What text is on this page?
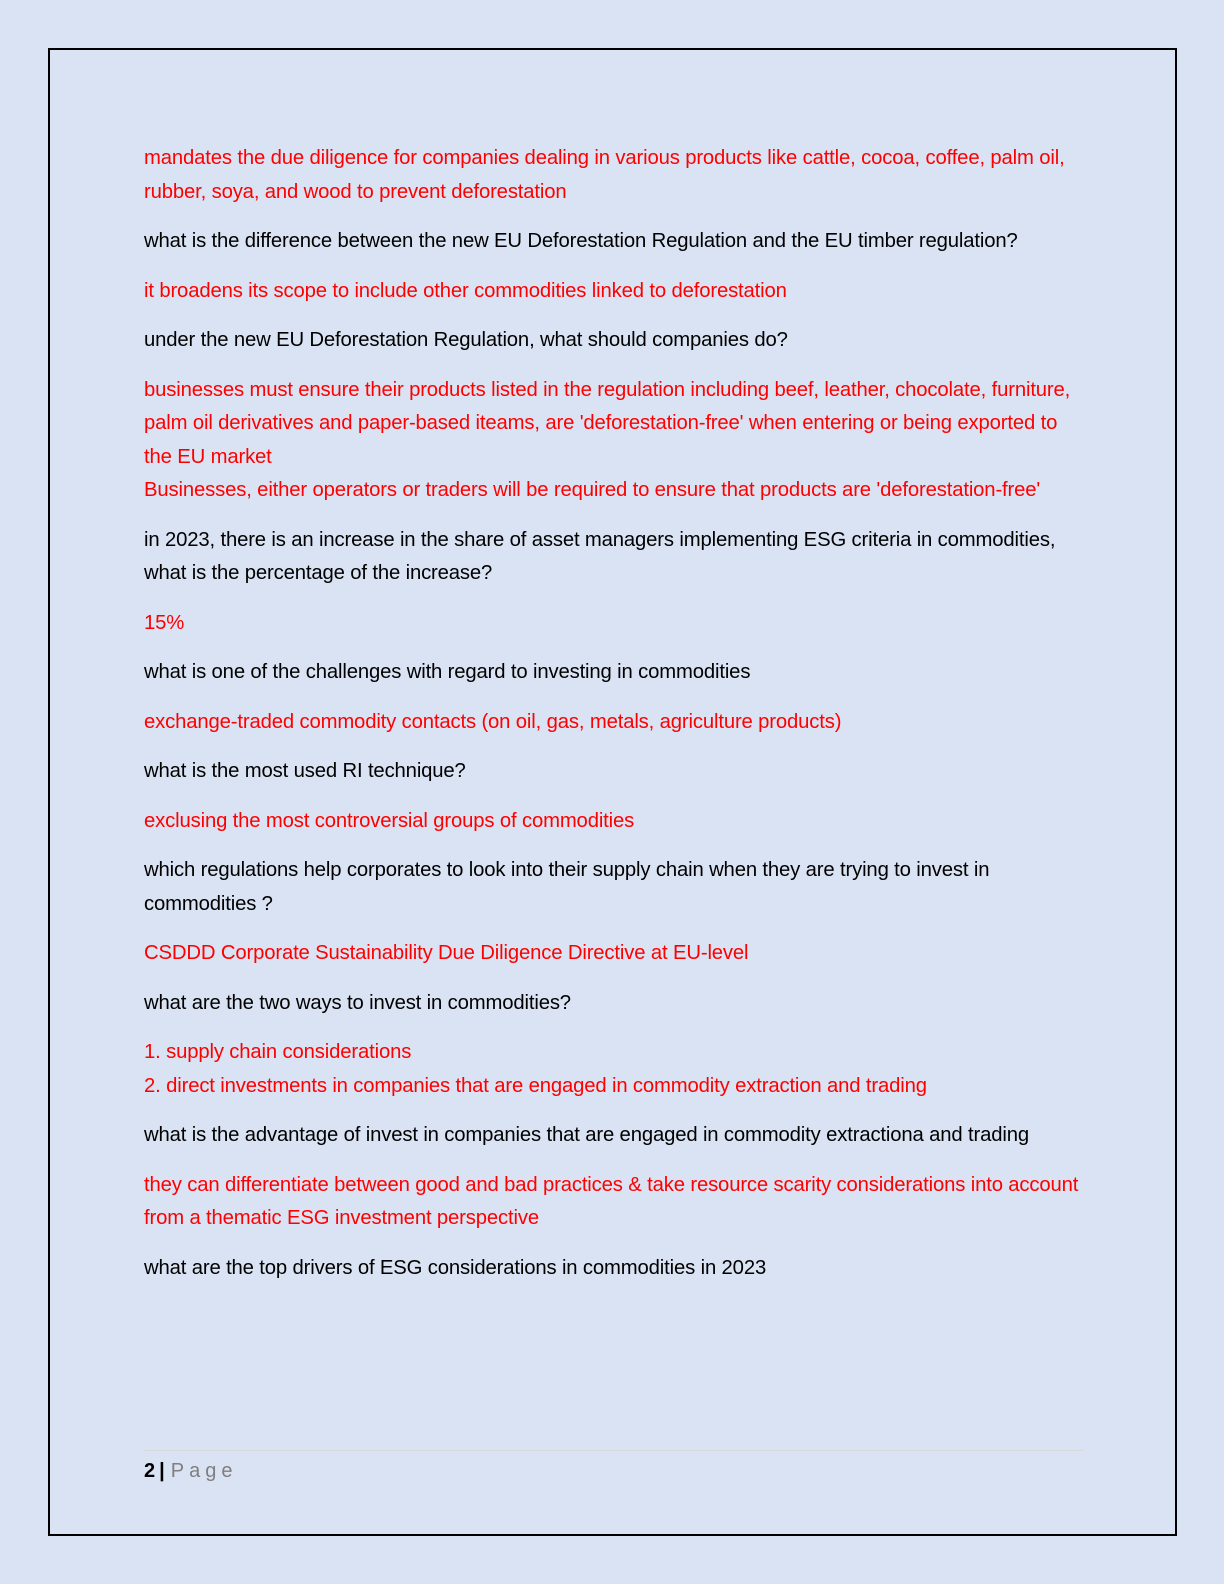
mandates the due diligence for companies dealing in various products like cattle, cocoa, coffee, palm oil, rubber, soya, and wood to prevent deforestation

what is the difference between the new EU Deforestation Regulation and the EU timber regulation?

it broadens its scope to include other commodities linked to deforestation

under the new EU Deforestation Regulation, what should companies do?

businesses must ensure their products listed in the regulation including beef, leather, chocolate, furniture, palm oil derivatives and paper-based iteams, are 'deforestation-free' when entering or being exported to the EU market
Businesses, either operators or traders will be required to ensure that products are 'deforestation-free'

in 2023, there is an increase in the share of asset managers implementing ESG criteria in commodities, what is the percentage of the increase?

15%

what is one of the challenges with regard to investing in commodities

exchange-traded commodity contacts (on oil, gas, metals, agriculture products)

what is the most used RI technique?

exclusing the most controversial groups of commodities

which regulations help corporates to look into their supply chain when they are trying to invest in commodities ?

CSDDD Corporate Sustainability Due Diligence Directive at EU-level

what are the two ways to invest in commodities?

1. supply chain considerations
2. direct investments in companies that are engaged in commodity extraction and trading

what is the advantage of invest in companies that are engaged in commodity extractiona and trading

they can differentiate between good and bad practices & take resource scarity considerations into account from a thematic ESG investment perspective

what are the top drivers of ESG considerations in commodities in 2023

2 | Page
